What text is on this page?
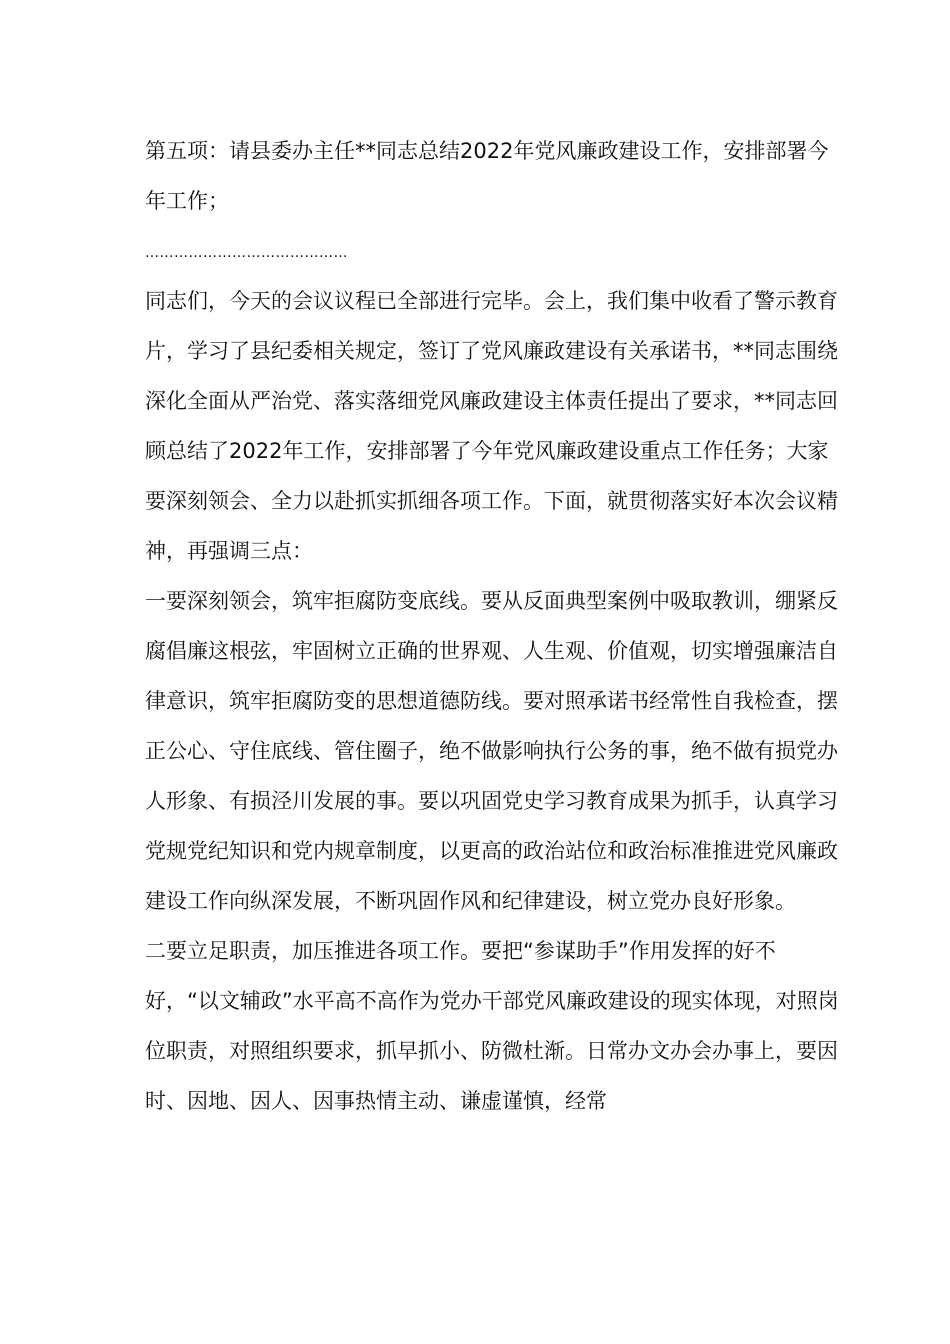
第五项：请县委办主任**同志总结2022年党风廉政建设工作，安排部署今年工作；

……………………………………

同志们，今天的会议议程已全部进行完毕。会上，我们集中收看了警示教育片，学习了县纪委相关规定，签订了党风廉政建设有关承诺书，**同志围绕深化全面从严治党、落实落细党风廉政建设主体责任提出了要求，**同志回顾总结了2022年工作，安排部署了今年党风廉政建设重点工作任务；大家要深刻领会、全力以赴抓实抓细各项工作。下面，就贯彻落实好本次会议精神，再强调三点：

一要深刻领会，筑牢拒腐防变底线。要从反面典型案例中吸取教训，绷紧反腐倡廉这根弦，牢固树立正确的世界观、人生观、价值观，切实增强廉洁自律意识，筑牢拒腐防变的思想道德防线。要对照承诺书经常性自我检查，摆正公心、守住底线、管住圈子，绝不做影响执行公务的事，绝不做有损党办人形象、有损泾川发展的事。要以巩固党史学习教育成果为抓手，认真学习党规党纪知识和党内规章制度，以更高的政治站位和政治标准推进党风廉政建设工作向纵深发展，不断巩固作风和纪律建设，树立党办良好形象。

二要立足职责，加压推进各项工作。要把“参谋助手”作用发挥的好不好，“以文辅政”水平高不高作为党办干部党风廉政建设的现实体现，对照岗位职责，对照组织要求，抓早抓小、防微杜渐。日常办文办会办事上，要因时、因地、因人、因事热情主动、谦虚谨慎，经常
